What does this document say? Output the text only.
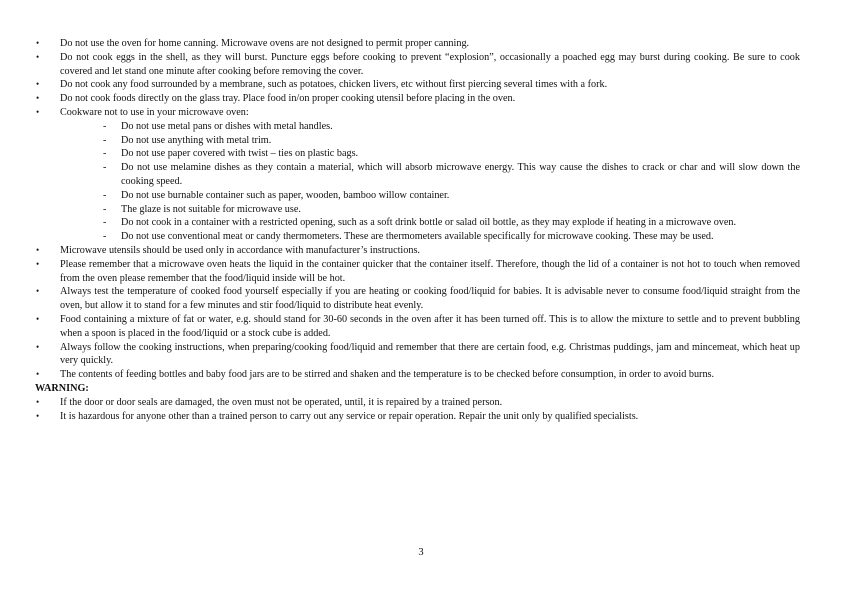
• Do not use the oven for home canning. Microwave ovens are not designed to permit proper canning.
• Do not cook eggs in the shell, as they will burst. Puncture eggs before cooking to prevent “explosion”, occasionally a poached egg may burst during cooking. Be sure to cook covered and let stand one minute after cooking before removing the cover.
• Do not cook any food surrounded by a membrane, such as potatoes, chicken livers, etc without first piercing several times with a fork.
• Do not cook foods directly on the glass tray. Place food in/on proper cooking utensil before placing in the oven.
• Cookware not to use in your microwave oven:
- Do not use metal pans or dishes with metal handles.
- Do not use anything with metal trim.
- Do not use paper covered with twist – ties on plastic bags.
- Do not use melamine dishes as they contain a material, which will absorb microwave energy. This way cause the dishes to crack or char and will slow down the cooking speed.
- Do not use burnable container such as paper, wooden, bamboo willow container.
- The glaze is not suitable for microwave use.
- Do not cook in a container with a restricted opening, such as a soft drink bottle or salad oil bottle, as they may explode if heating in a microwave oven.
- Do not use conventional meat or candy thermometers. These are thermometers available specifically for microwave cooking. These may be used.
• Microwave utensils should be used only in accordance with manufacturer’s instructions.
• Please remember that a microwave oven heats the liquid in the container quicker that the container itself. Therefore, though the lid of a container is not hot to touch when removed from the oven please remember that the food/liquid inside will be hot.
• Always test the temperature of cooked food yourself especially if you are heating or cooking food/liquid for babies. It is advisable never to consume food/liquid straight from the oven, but allow it to stand for a few minutes and stir food/liquid to distribute heat evenly.
• Food containing a mixture of fat or water, e.g. should stand for 30-60 seconds in the oven after it has been turned off. This is to allow the mixture to settle and to prevent bubbling when a spoon is placed in the food/liquid or a stock cube is added.
• Always follow the cooking instructions, when preparing/cooking food/liquid and remember that there are certain food, e.g. Christmas puddings, jam and mincemeat, which heat up very quickly.
• The contents of feeding bottles and baby food jars are to be stirred and shaken and the temperature is to be checked before consumption, in order to avoid burns.
WARNING:
• If the door or door seals are damaged, the oven must not be operated, until, it is repaired by a trained person.
• It is hazardous for anyone other than a trained person to carry out any service or repair operation. Repair the unit only by qualified specialists.
3
